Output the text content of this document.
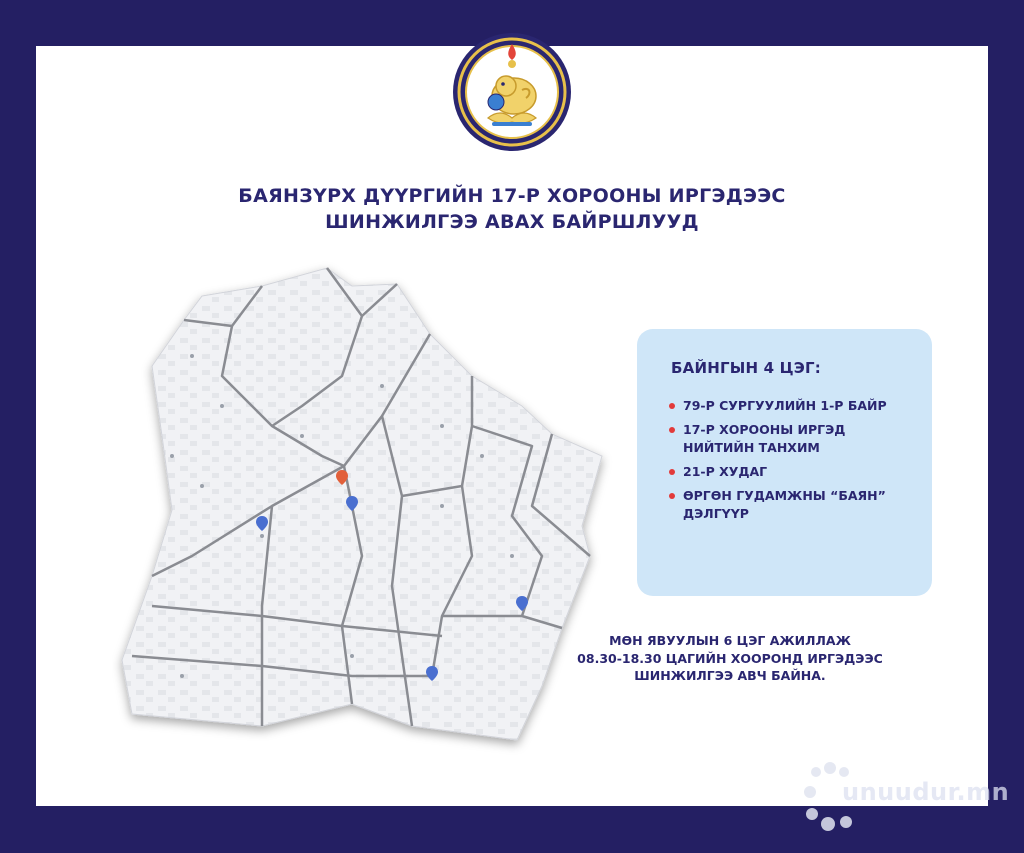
БАЯНЗҮРХ ДҮҮРГИЙН 17-Р ХОРООНЫ ИРГЭДЭЭС
ШИНЖИЛГЭЭ АВАХ БАЙРШЛУУД
БАЙНГЫН 4 ЦЭГ:
79-Р СУРГУУЛИЙН 1-Р БАЙР
17-Р ХОРООНЫ ИРГЭД
НИЙТИЙН ТАНХИМ
21-Р ХУДАГ
ӨРГӨН ГУДАМЖНЫ “БАЯН”
ДЭЛГҮҮР
МӨН ЯВУУЛЫН 6 ЦЭГ АЖИЛЛАЖ
08.30-18.30 ЦАГИЙН ХООРОНД ИРГЭДЭЭС
ШИНЖИЛГЭЭ АВЧ БАЙНА.
unuudur.mn
